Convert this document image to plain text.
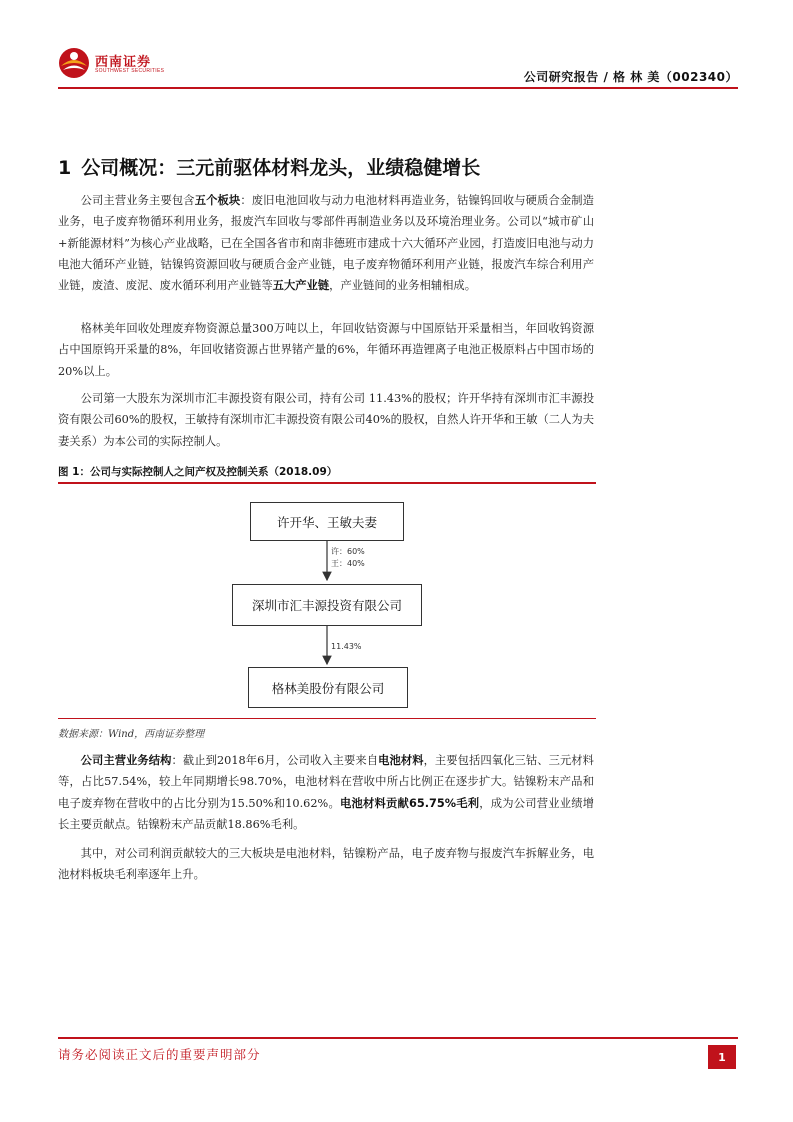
西南证券
SOUTHWEST SECURITIES	公司研究报告 / 格 林 美（002340）
1 公司概况：三元前驱体材料龙头，业绩稳健增长

公司主营业务主要包含五个板块：废旧电池回收与动力电池材料再造业务，钴镍钨回收与硬质合金制造业务，电子废弃物循环利用业务，报废汽车回收与零部件再制造业务以及环境治理业务。公司以“城市矿山+新能源材料”为核心产业战略，已在全国各省市和南非德班市建成十六大循环产业园，打造废旧电池与动力电池大循环产业链，钴镍钨资源回收与硬质合金产业链，电子废弃物循环利用产业链，报废汽车综合利用产业链，废渣、废泥、废水循环利用产业链等五大产业链，产业链间的业务相辅相成。

格林美年回收处理废弃物资源总量300万吨以上，年回收钴资源与中国原钴开采量相当，年回收钨资源占中国原钨开采量的8%，年回收锗资源占世界锗产量的6%，年循环再造锂离子电池正极原料占中国市场的20%以上。

公司第一大股东为深圳市汇丰源投资有限公司，持有公司 11.43%的股权；许开华持有深圳市汇丰源投资有限公司60%的股权，王敏持有深圳市汇丰源投资有限公司40%的股权，自然人许开华和王敏（二人为夫妻关系）为本公司的实际控制人。

图 1：公司与实际控制人之间产权及控制关系（2018.09）
许开华、王敏夫妻
许：60%
王：40%
深圳市汇丰源投资有限公司
11.43%
格林美股份有限公司
数据来源：Wind，西南证券整理

公司主营业务结构：截止到2018年6月，公司收入主要来自电池材料，主要包括四氧化三钴、三元材料等，占比57.54%，较上年同期增长98.70%，电池材料在营收中所占比例正在逐步扩大。钴镍粉末产品和电子废弃物在营收中的占比分别为15.50%和10.62%。电池材料贡献65.75%毛利，成为公司营业业绩增长主要贡献点。钴镍粉末产品贡献18.86%毛利。

其中，对公司利润贡献较大的三大板块是电池材料，钴镍粉产品，电子废弃物与报废汽车拆解业务，电池材料板块毛利率逐年上升。

请务必阅读正文后的重要声明部分	1
